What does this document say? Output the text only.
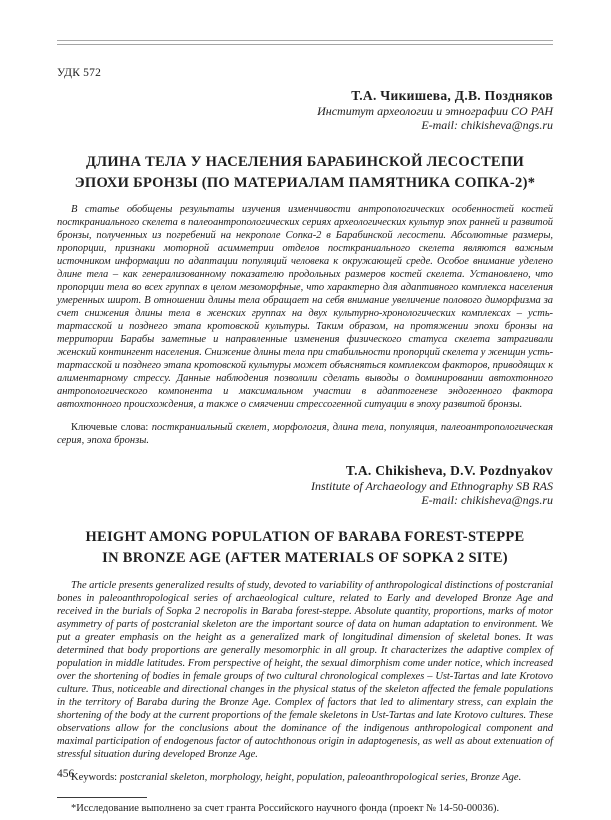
УДК 572
Т.А. Чикишева, Д.В. Поздняков
Институт археологии и этнографии СО РАН
E-mail: chikisheva@ngs.ru
ДЛИНА ТЕЛА У НАСЕЛЕНИЯ БАРАБИНСКОЙ ЛЕСОСТЕПИ
ЭПОХИ БРОНЗЫ (ПО МАТЕРИАЛАМ ПАМЯТНИКА СОПКА-2)*
В статье обобщены результаты изучения изменчивости антропологических особенностей костей посткраниального скелета в палеоантропологических сериях археологических культур эпох ранней и развитой бронзы, полученных из погребений на некрополе Сопка-2 в Барабинской лесостепи. Абсолютные размеры, пропорции, признаки моторной асимметрии отделов посткраниального скелета являются важным источником информации по адаптации популяций человека к окружающей среде. Особое внимание уделено длине тела – как генерализованному показателю продольных размеров костей скелета. Установлено, что пропорции тела во всех группах в целом мезоморфные, что характерно для адаптивного комплекса населения умеренных широт. В отношении длины тела обращает на себя внимание увеличение полового диморфизма за счет снижения длины тела в женских группах на двух культурно-хронологических комплексах – усть-тартасской и позднего этапа кротовской культуры. Таким образом, на протяжении эпохи бронзы на территории Барабы заметные и направленные изменения физического статуса скелета затрагивали женский контингент населения. Снижение длины тела при стабильности пропорций скелета у женщин усть-тартасской и позднего этапа кротовской культуры может объясняться комплексом факторов, приводящих к алиментарному стрессу. Данные наблюдения позволили сделать выводы о доминировании автохтонного антропологического компонента и максимальном участии в адаптогенезе эндогенного фактора автохтонного происхождения, а также о смягчении стрессогенной ситуации в эпоху развитой бронзы.
Ключевые слова: посткраниальный скелет, морфология, длина тела, популяция, палеоантропологическая серия, эпоха бронзы.
T.A. Chikisheva, D.V. Pozdnyakov
Institute of Archaeology and Ethnography SB RAS
E-mail: chikisheva@ngs.ru
HEIGHT AMONG POPULATION OF BARABA FOREST-STEPPE
IN BRONZE AGE (AFTER MATERIALS OF SOPKA 2 SITE)
The article presents generalized results of study, devoted to variability of anthropological distinctions of postcranial bones in paleoanthropological series of archaeological culture, related to Early and developed Bronze Age and received in the burials of Sopka 2 necropolis in Baraba forest-steppe. Absolute quantity, proportions, marks of motor asymmetry of parts of postcranial skeleton are the important source of data on human adaptation to environment. We put a greater emphasis on the height as a generalized mark of longitudinal dimension of skeletal bones. It was determined that body proportions are generally mesomorphic in all group. It characterizes the adaptive complex of population in middle latitudes. From perspective of height, the sexual dimorphism come under notice, which increased over the shortening of bodies in female groups of two cultural chronological complexes – Ust-Tartas and late Krotovo culture. Thus, noticeable and directional changes in the physical status of the skeleton affected the female populations in the territory of Baraba during the Bronze Age. Complex of factors that led to alimentary stress, can explain the shortening of the body at the current proportions of the female skeletons in Ust-Tartas and late Krotovo cultures. These observations allow for the conclusions about the dominance of the indigenous anthropological component and maximal participation of endogenous factor of autochthonous origin in adaptogenesis, as well as about extenuation of stressful situation during developed Bronze Age.
Keywords: postcranial skeleton, morphology, height, population, paleoanthropological series, Bronze Age.
*Исследование выполнено за счет гранта Российского научного фонда (проект № 14-50-00036).
456
